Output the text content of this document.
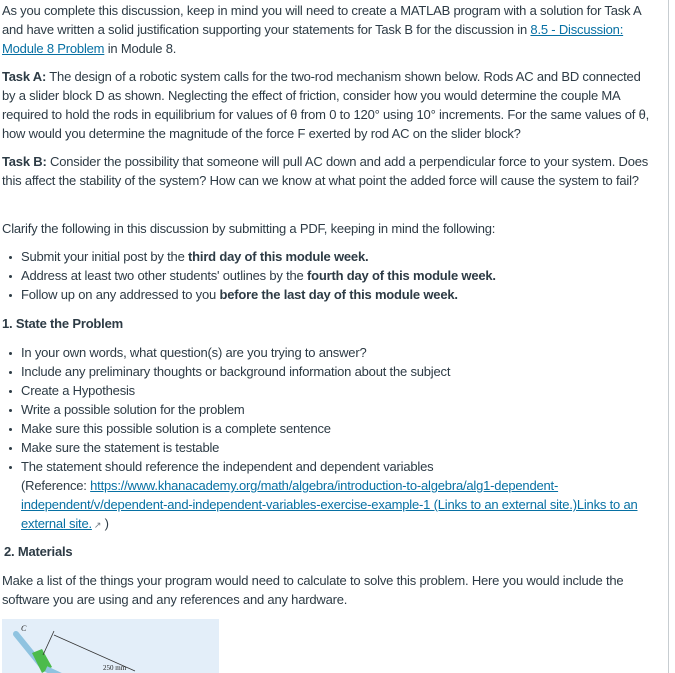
As you complete this discussion, keep in mind you will need to create a MATLAB program with a solution for Task A and have written a solid justification supporting your statements for Task B for the discussion in 8.5 - Discussion: Module 8 Problem in Module 8.

Task A: The design of a robotic system calls for the two-rod mechanism shown below. Rods AC and BD connected by a slider block D as shown. Neglecting the effect of friction, consider how you would determine the couple MA required to hold the rods in equilibrium for values of θ from 0 to 120° using 10° increments. For the same values of θ, how would you determine the magnitude of the force F exerted by rod AC on the slider block?

Task B: Consider the possibility that someone will pull AC down and add a perpendicular force to your system. Does this affect the stability of the system? How can we know at what point the added force will cause the system to fail?

Clarify the following in this discussion by submitting a PDF, keeping in mind the following:

Submit your initial post by the third day of this module week.
Address at least two other students' outlines by the fourth day of this module week.
Follow up on any addressed to you before the last day of this module week.

1. State the Problem

In your own words, what question(s) are you trying to answer?
Include any preliminary thoughts or background information about the subject
Create a Hypothesis
Write a possible solution for the problem
Make sure this possible solution is a complete sentence
Make sure the statement is testable
The statement should reference the independent and dependent variables
(Reference: https://www.khanacademy.org/math/algebra/introduction-to-algebra/alg1-dependent-independent/v/dependent-and-independent-variables-exercise-example-1 (Links to an external site.)Links to an external site. ↗ )

2. Materials

Make a list of the things your program would need to calculate to solve this problem. Here you would include the software you are using and any references and any hardware.

C
250 mm
